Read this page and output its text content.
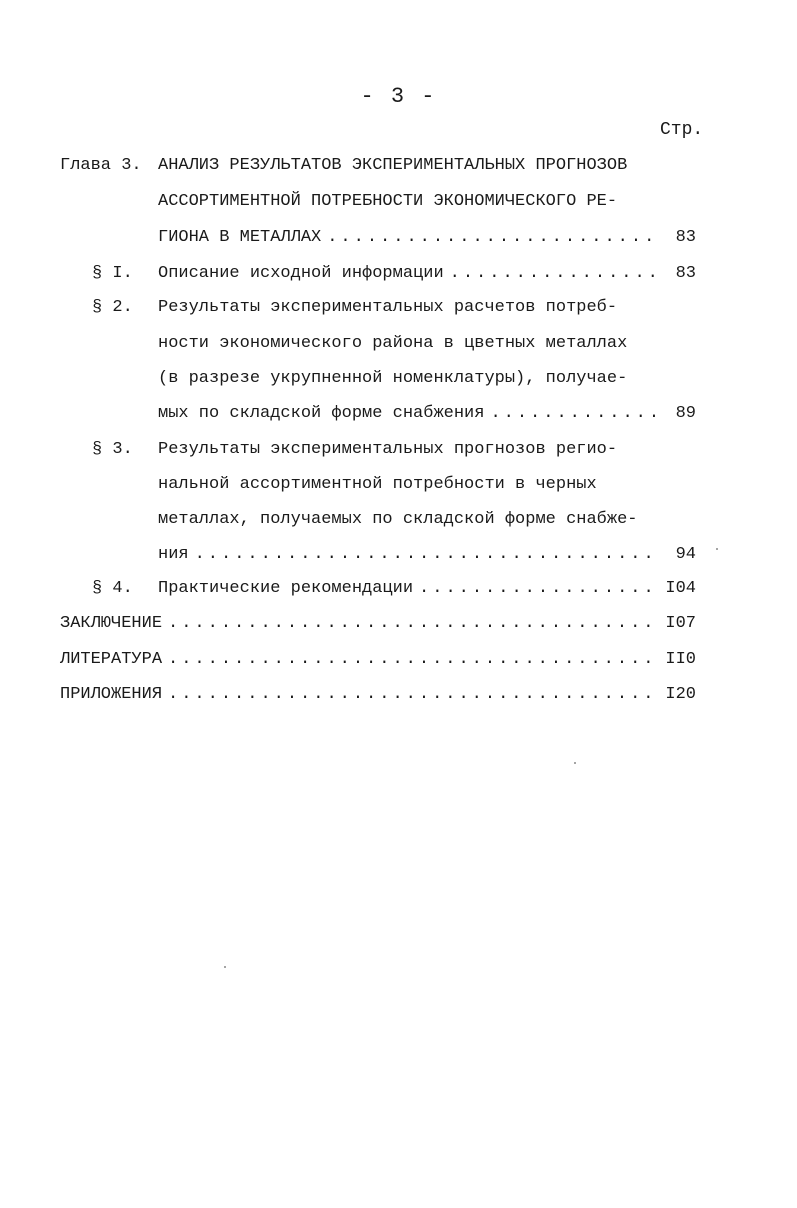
- 3 -
Стр.
Глава 3. АНАЛИЗ РЕЗУЛЬТАТОВ ЭКСПЕРИМЕНТАЛЬНЫХ ПРОГНОЗОВ
АССОРТИМЕНТНОЙ ПОТРЕБНОСТИ ЭКОНОМИЧЕСКОГО РЕ-
ГИОНА В МЕТАЛЛАХ .....	83
§ I. Описание исходной информации .....	83
§ 2. Результаты экспериментальных расчетов потреб-
ности экономического района в цветных металлах
(в разрезе укрупненной номенклатуры), получае-
мых по складской форме снабжения .....	89
§ 3. Результаты экспериментальных прогнозов регио-
нальной ассортиментной потребности в черных
металлах, получаемых по складской форме снабже-
ния .....	94
§ 4. Практические рекомендации .....	I04
ЗАКЛЮЧЕНИЕ .....	I07
ЛИТЕРАТУРА .....	II0
ПРИЛОЖЕНИЯ .....	I20
